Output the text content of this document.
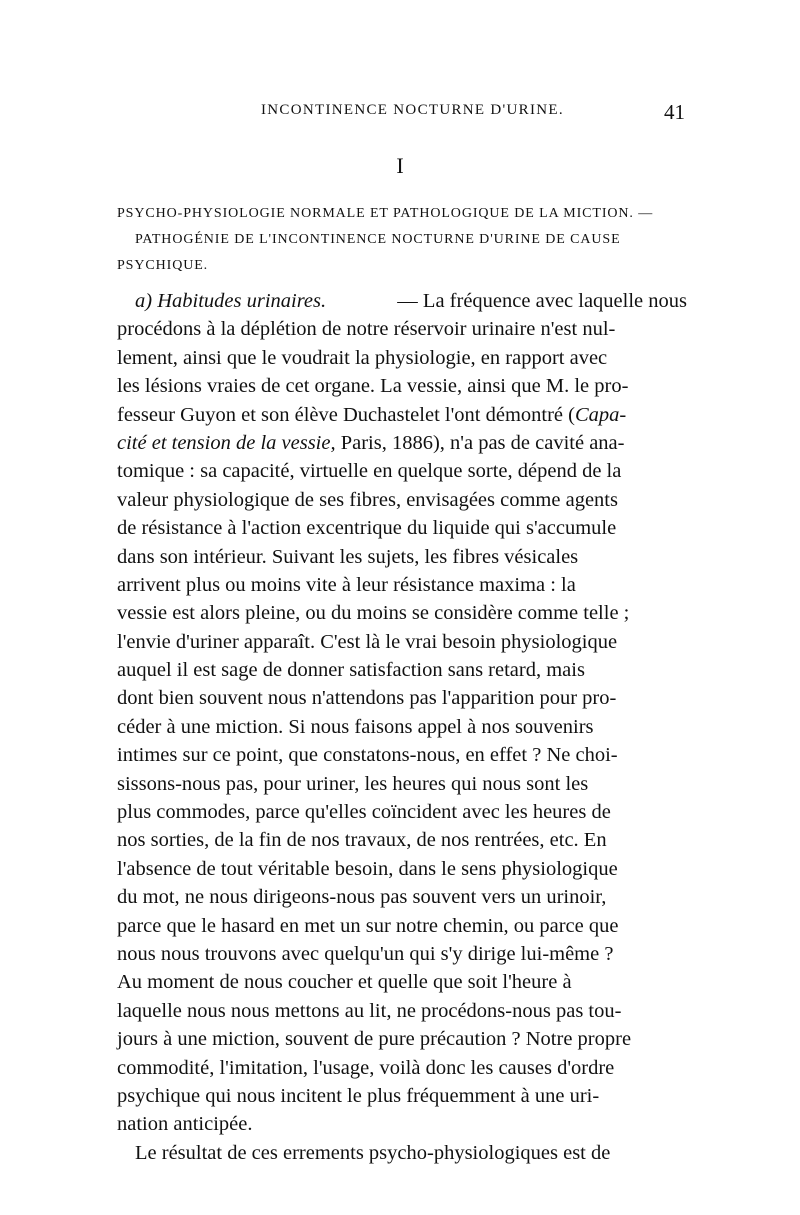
INCONTINENCE NOCTURNE D'URINE.	41
I
PSYCHO-PHYSIOLOGIE NORMALE ET PATHOLOGIQUE DE LA MICTION. —
PATHOGÉNIE DE L'INCONTINENCE NOCTURNE D'URINE DE CAUSE
PSYCHIQUE.
a) Habitudes urinaires.	— La fréquence avec laquelle nous
procédons à la déplétion de notre réservoir urinaire n'est nul-
lement, ainsi que le voudrait la physiologie, en rapport avec
les lésions vraies de cet organe. La vessie, ainsi que M. le pro-
fesseur Guyon et son élève Duchastelet l'ont démontré (Capa-
cité et tension de la vessie, Paris, 1886), n'a pas de cavité ana-
tomique : sa capacité, virtuelle en quelque sorte, dépend de la
valeur physiologique de ses fibres, envisagées comme agents
de résistance à l'action excentrique du liquide qui s'accumule
dans son intérieur. Suivant les sujets, les fibres vésicales
arrivent plus ou moins vite à leur résistance maxima : la
vessie est alors pleine, ou du moins se considère comme telle ;
l'envie d'uriner apparaît. C'est là le vrai besoin physiologique
auquel il est sage de donner satisfaction sans retard, mais
dont bien souvent nous n'attendons pas l'apparition pour pro-
céder à une miction. Si nous faisons appel à nos souvenirs
intimes sur ce point, que constatons-nous, en effet ? Ne choi-
sissons-nous pas, pour uriner, les heures qui nous sont les
plus commodes, parce qu'elles coïncident avec les heures de
nos sorties, de la fin de nos travaux, de nos rentrées, etc. En
l'absence de tout véritable besoin, dans le sens physiologique
du mot, ne nous dirigeons-nous pas souvent vers un urinoir,
parce que le hasard en met un sur notre chemin, ou parce que
nous nous trouvons avec quelqu'un qui s'y dirige lui-même ?
Au moment de nous coucher et quelle que soit l'heure à
laquelle nous nous mettons au lit, ne procédons-nous pas tou-
jours à une miction, souvent de pure précaution ? Notre propre
commodité, l'imitation, l'usage, voilà donc les causes d'ordre
psychique qui nous incitent le plus fréquemment à une uri-
nation anticipée.
Le résultat de ces errements psycho-physiologiques est de
